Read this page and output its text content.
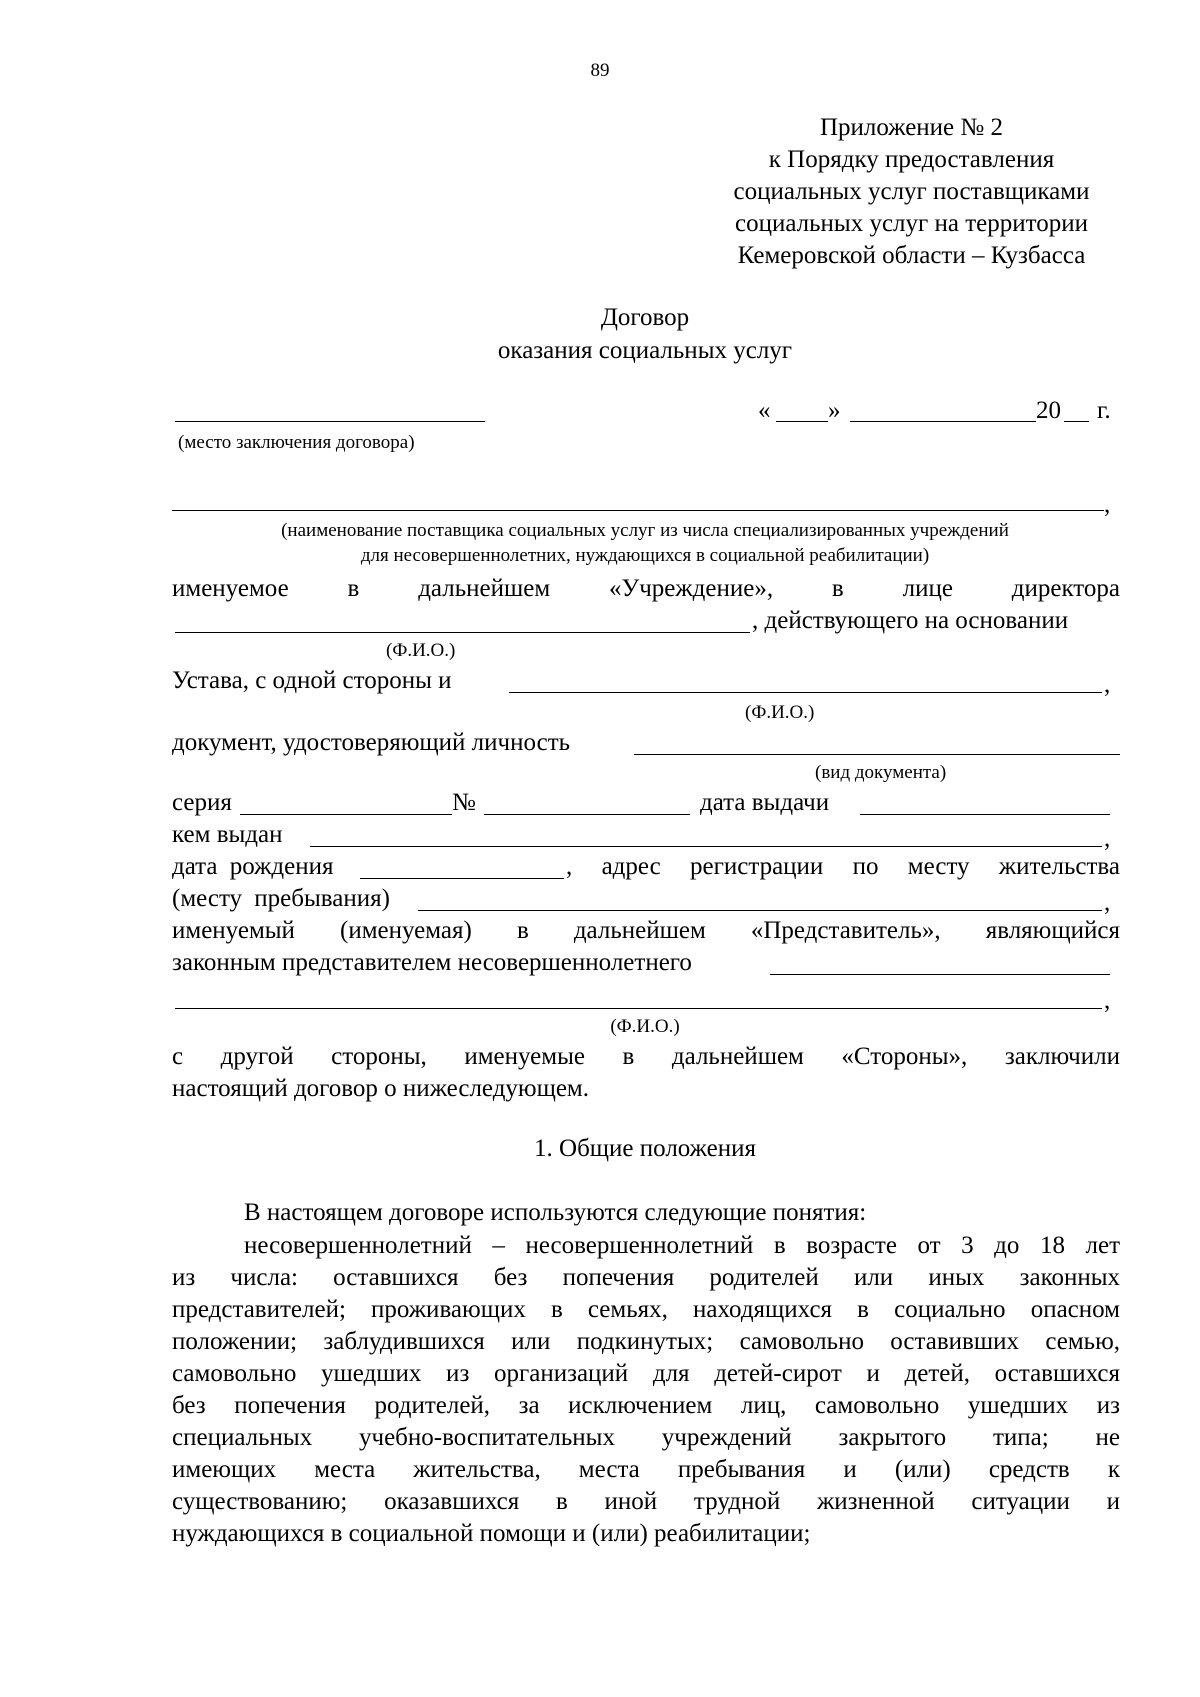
89
Приложение № 2
к Порядку предоставления
социальных услуг поставщиками
социальных услуг на территории
Кемеровской области – Кузбасса
Договор
оказания социальных услуг
« »	20 г.
(место заключения договора)
,
(наименование поставщика социальных услуг из числа специализированных учреждений
для несовершеннолетних, нуждающихся в социальной реабилитации)
именуемое в дальнейшем «Учреждение», в лице директора
, действующего на основании
(Ф.И.О.)
Устава, с одной стороны и	,
(Ф.И.О.)
документ, удостоверяющий личность
(вид документа)
серия	№	дата выдачи
кем выдан	,
дата рождения	, адрес регистрации по месту жительства
(месту пребывания)	,
именуемый (именуемая) в дальнейшем «Представитель», являющийся
законным представителем несовершеннолетнего
,
(Ф.И.О.)
с другой стороны, именуемые в дальнейшем «Стороны», заключили
настоящий договор о нижеследующем.
1. Общие положения
В настоящем договоре используются следующие понятия:
несовершеннолетний – несовершеннолетний в возрасте от 3 до 18 лет
из числа: оставшихся без попечения родителей или иных законных
представителей; проживающих в семьях, находящихся в социально опасном
положении; заблудившихся или подкинутых; самовольно оставивших семью,
самовольно ушедших из организаций для детей-сирот и детей, оставшихся
без попечения родителей, за исключением лиц, самовольно ушедших из
специальных учебно-воспитательных учреждений закрытого типа; не
имеющих места жительства, места пребывания и (или) средств к
существованию; оказавшихся в иной трудной жизненной ситуации и
нуждающихся в социальной помощи и (или) реабилитации;
